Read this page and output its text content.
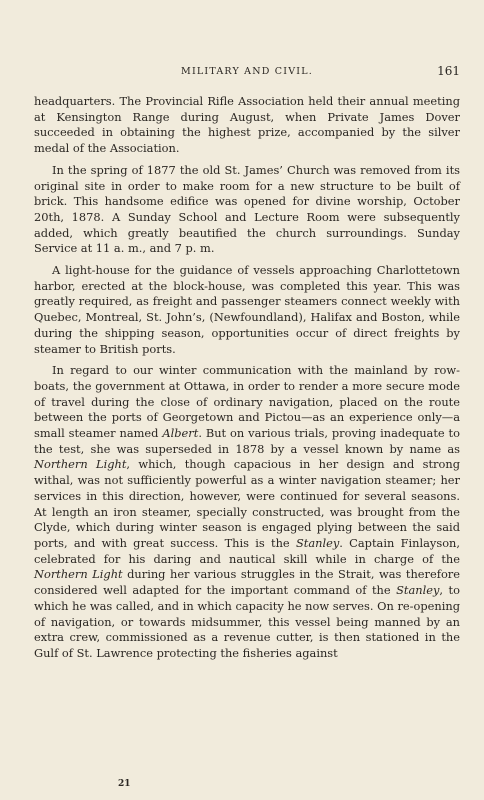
MILITARY AND CIVIL.	161

headquarters. The Provincial Rifle Association held their annual meeting at Kensington Range during August, when Private James Dover succeeded in obtaining the highest prize, accompanied by the silver medal of the Association.

In the spring of 1877 the old St. James’ Church was removed from its original site in order to make room for a new structure to be built of brick. This handsome edifice was opened for divine worship, October 20th, 1878. A Sunday School and Lecture Room were subsequently added, which greatly beautified the church surroundings. Sunday Service at 11 a. m., and 7 p. m.

A light-house for the guidance of vessels approaching Charlottetown harbor, erected at the block-house, was completed this year. This was greatly required, as freight and passenger steamers connect weekly with Quebec, Montreal, St. John’s, (Newfoundland), Halifax and Boston, while during the shipping season, opportunities occur of direct freights by steamer to British ports.

In regard to our winter communication with the mainland by row-boats, the government at Ottawa, in order to render a more secure mode of travel during the close of ordinary navigation, placed on the route between the ports of Georgetown and Pictou—as an experience only—a small steamer named Albert. But on various trials, proving inadequate to the test, she was superseded in 1878 by a vessel known by name as Northern Light, which, though capacious in her design and strong withal, was not sufficiently powerful as a winter navigation steamer; her services in this direction, however, were continued for several seasons. At length an iron steamer, specially constructed, was brought from the Clyde, which during winter season is engaged plying between the said ports, and with great success. This is the Stanley. Captain Finlayson, celebrated for his daring and nautical skill while in charge of the Northern Light during her various struggles in the Strait, was therefore considered well adapted for the important command of the Stanley, to which he was called, and in which capacity he now serves. On re-opening of navigation, or towards midsummer, this vessel being manned by an extra crew, commissioned as a revenue cutter, is then stationed in the Gulf of St. Lawrence protecting the fisheries against

21
